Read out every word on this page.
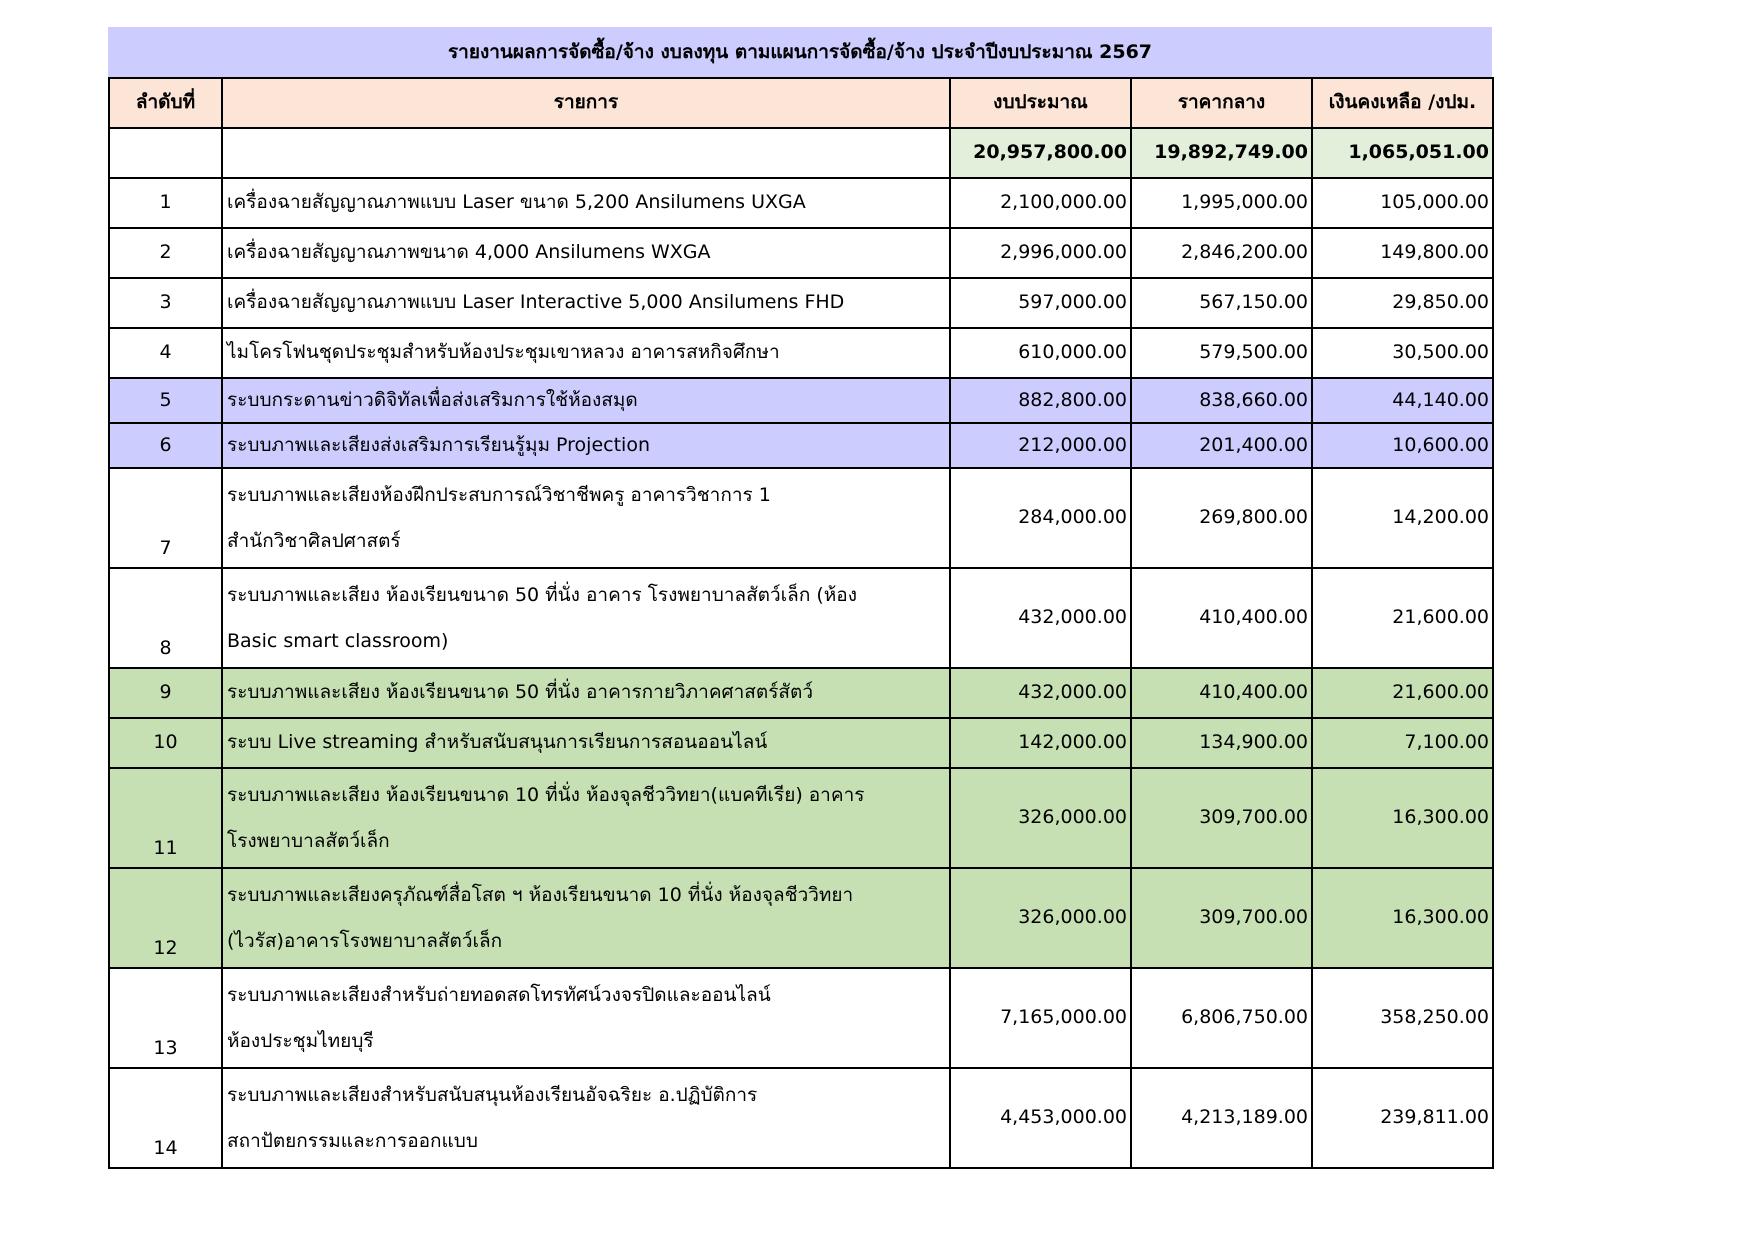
รายงานผลการจัดซื้อ/จ้าง งบลงทุน ตามแผนการจัดซื้อ/จ้าง ประจำปีงบประมาณ 2567
ลำดับที่	รายการ	งบประมาณ	ราคากลาง	เงินคงเหลือ /งปม.
		20,957,800.00	19,892,749.00	1,065,051.00
1	เครื่องฉายสัญญาณภาพแบบ Laser ขนาด 5,200 Ansilumens UXGA	2,100,000.00	1,995,000.00	105,000.00
2	เครื่องฉายสัญญาณภาพขนาด 4,000 Ansilumens WXGA	2,996,000.00	2,846,200.00	149,800.00
3	เครื่องฉายสัญญาณภาพแบบ Laser Interactive 5,000 Ansilumens FHD	597,000.00	567,150.00	29,850.00
4	ไมโครโฟนชุดประชุมสำหรับห้องประชุมเขาหลวง อาคารสหกิจศึกษา	610,000.00	579,500.00	30,500.00
5	ระบบกระดานข่าวดิจิทัลเพื่อส่งเสริมการใช้ห้องสมุด	882,800.00	838,660.00	44,140.00
6	ระบบภาพและเสียงส่งเสริมการเรียนรู้มุม Projection	212,000.00	201,400.00	10,600.00
7	ระบบภาพและเสียงห้องฝึกประสบการณ์วิชาชีพครู อาคารวิชาการ 1
สำนักวิชาศิลปศาสตร์	284,000.00	269,800.00	14,200.00
8	ระบบภาพและเสียง ห้องเรียนขนาด 50 ที่นั่ง อาคาร โรงพยาบาลสัตว์เล็ก (ห้อง
Basic smart classroom)	432,000.00	410,400.00	21,600.00
9	ระบบภาพและเสียง ห้องเรียนขนาด 50 ที่นั่ง อาคารกายวิภาคศาสตร์สัตว์	432,000.00	410,400.00	21,600.00
10	ระบบ Live streaming สำหรับสนับสนุนการเรียนการสอนออนไลน์	142,000.00	134,900.00	7,100.00
11	ระบบภาพและเสียง ห้องเรียนขนาด 10 ที่นั่ง ห้องจุลชีววิทยา(แบคทีเรีย) อาคาร
โรงพยาบาลสัตว์เล็ก	326,000.00	309,700.00	16,300.00
12	ระบบภาพและเสียงครุภัณฑ์สื่อโสต ฯ ห้องเรียนขนาด 10 ที่นั่ง ห้องจุลชีววิทยา
(ไวรัส)อาคารโรงพยาบาลสัตว์เล็ก	326,000.00	309,700.00	16,300.00
13	ระบบภาพและเสียงสำหรับถ่ายทอดสดโทรทัศน์วงจรปิดและออนไลน์
ห้องประชุมไทยบุรี	7,165,000.00	6,806,750.00	358,250.00
14	ระบบภาพและเสียงสำหรับสนับสนุนห้องเรียนอัจฉริยะ อ.ปฏิบัติการ
สถาปัตยกรรมและการออกแบบ	4,453,000.00	4,213,189.00	239,811.00
